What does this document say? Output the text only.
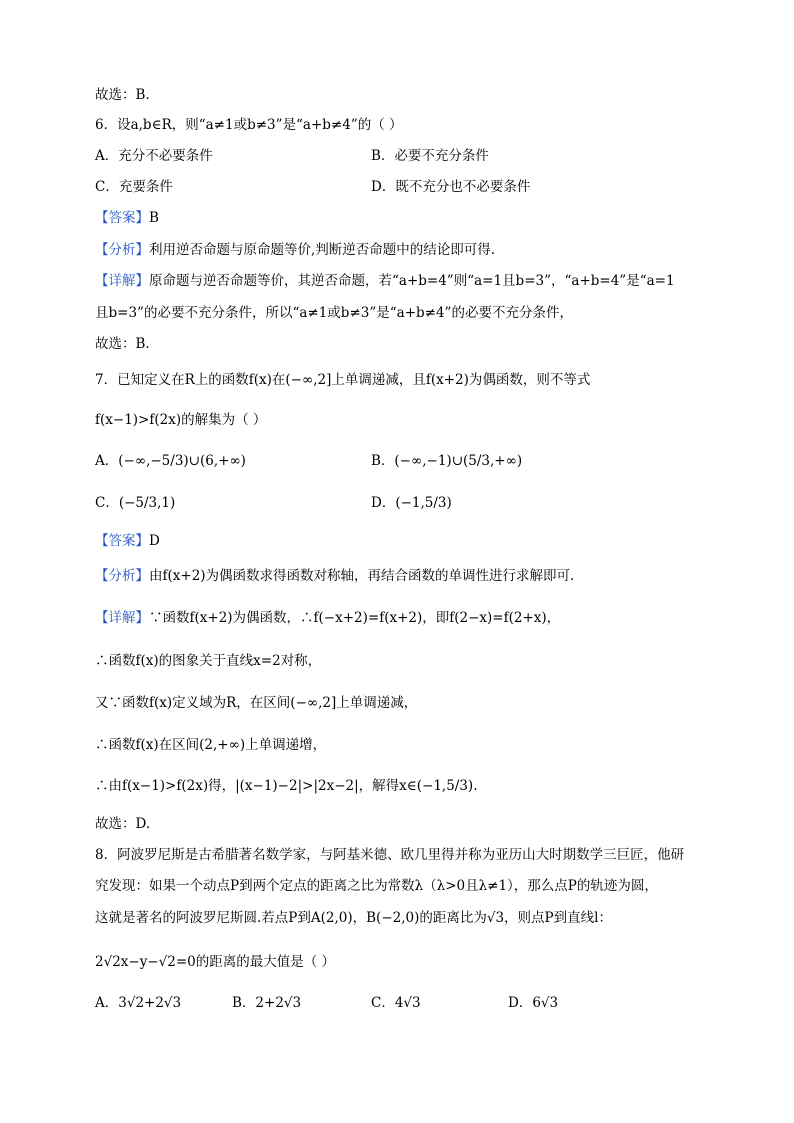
故选：B.
6．设a,b∈R，则“a≠1或b≠3”是“a+b≠4”的（ ）
A．充分不必要条件	B．必要不充分条件
C．充要条件	D．既不充分也不必要条件
【答案】B
【分析】利用逆否命题与原命题等价,判断逆否命题中的结论即可得.
【详解】原命题与逆否命题等价，其逆否命题，若“a+b=4”则“a=1且b=3”，“a+b=4”是“a=1
且b=3”的必要不充分条件，所以“a≠1或b≠3”是“a+b≠4”的必要不充分条件，
故选：B.
7．已知定义在R上的函数f(x)在(−∞,2]上单调递减，且f(x+2)为偶函数，则不等式
f(x−1)>f(2x)的解集为（ ）
A．(−∞,−5/3)∪(6,+∞)	B．(−∞,−1)∪(5/3,+∞)
C．(−5/3,1)	D．(−1,5/3)
【答案】D
【分析】由f(x+2)为偶函数求得函数对称轴，再结合函数的单调性进行求解即可.
【详解】∵函数f(x+2)为偶函数，∴f(−x+2)=f(x+2)，即f(2−x)=f(2+x)，
∴函数f(x)的图象关于直线x=2对称，
又∵函数f(x)定义域为R，在区间(−∞,2]上单调递减，
∴函数f(x)在区间(2,+∞)上单调递增，
∴由f(x−1)>f(2x)得，|(x−1)−2|>|2x−2|，解得x∈(−1,5/3).
故选：D.
8．阿波罗尼斯是古希腊著名数学家，与阿基米德、欧几里得并称为亚历山大时期数学三巨匠，他研
究发现：如果一个动点P到两个定点的距离之比为常数λ（λ>0且λ≠1），那么点P的轨迹为圆，
这就是著名的阿波罗尼斯圆.若点P到A(2,0)，B(−2,0)的距离比为√3，则点P到直线l：
2√2x−y−√2=0的距离的最大值是（ ）
A．3√2+2√3	B．2+2√3	C．4√3	D．6√3
